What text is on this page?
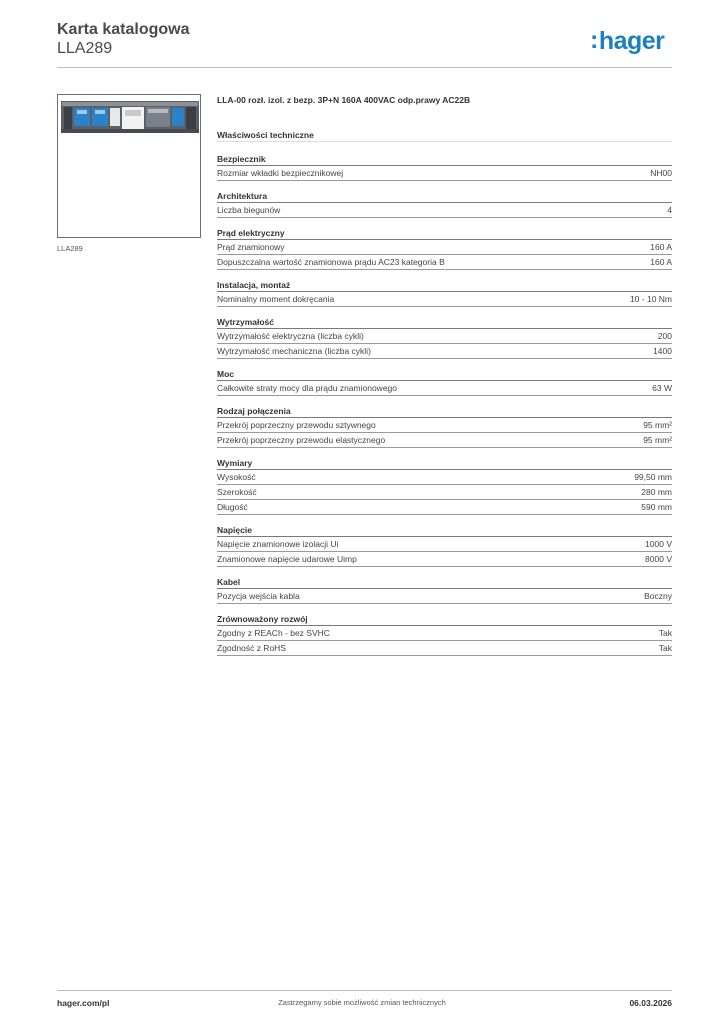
Karta katalogowa
LLA289	:hager
LLA289
LLA-00 rozł. izol. z bezp. 3P+N 160A 400VAC odp.prawy AC22B
Właściwości techniczne
Bezpiecznik
Rozmiar wkładki bezpiecznikowej	NH00
Architektura
Liczba biegunów	4
Prąd elektryczny
Prąd znamionowy	160 A
Dopuszczalna wartość znamionowa prądu AC23 kategoria B	160 A
Instalacja, montaż
Nominalny moment dokręcania	10 - 10 Nm
Wytrzymałość
Wytrzymałość elektryczna (liczba cykli)	200
Wytrzymałość mechaniczna (liczba cykli)	1400
Moc
Całkowite straty mocy dla prądu znamionowego	63 W
Rodzaj połączenia
Przekrój poprzeczny przewodu sztywnego	95 mm²
Przekrój poprzeczny przewodu elastycznego	95 mm²
Wymiary
Wysokość	99,50 mm
Szerokość	280 mm
Długość	590 mm
Napięcie
Napięcie znamionowe izolacji Ui	1000 V
Znamionowe napięcie udarowe Uimp	8000 V
Kabel
Pozycja wejścia kabla	Boczny
Zrównoważony rozwój
Zgodny z REACh - bez SVHC	Tak
Zgodność z RoHS	Tak
hager.com/pl	Zastrzegamy sobie możliwość zmian technicznych	06.03.2026
